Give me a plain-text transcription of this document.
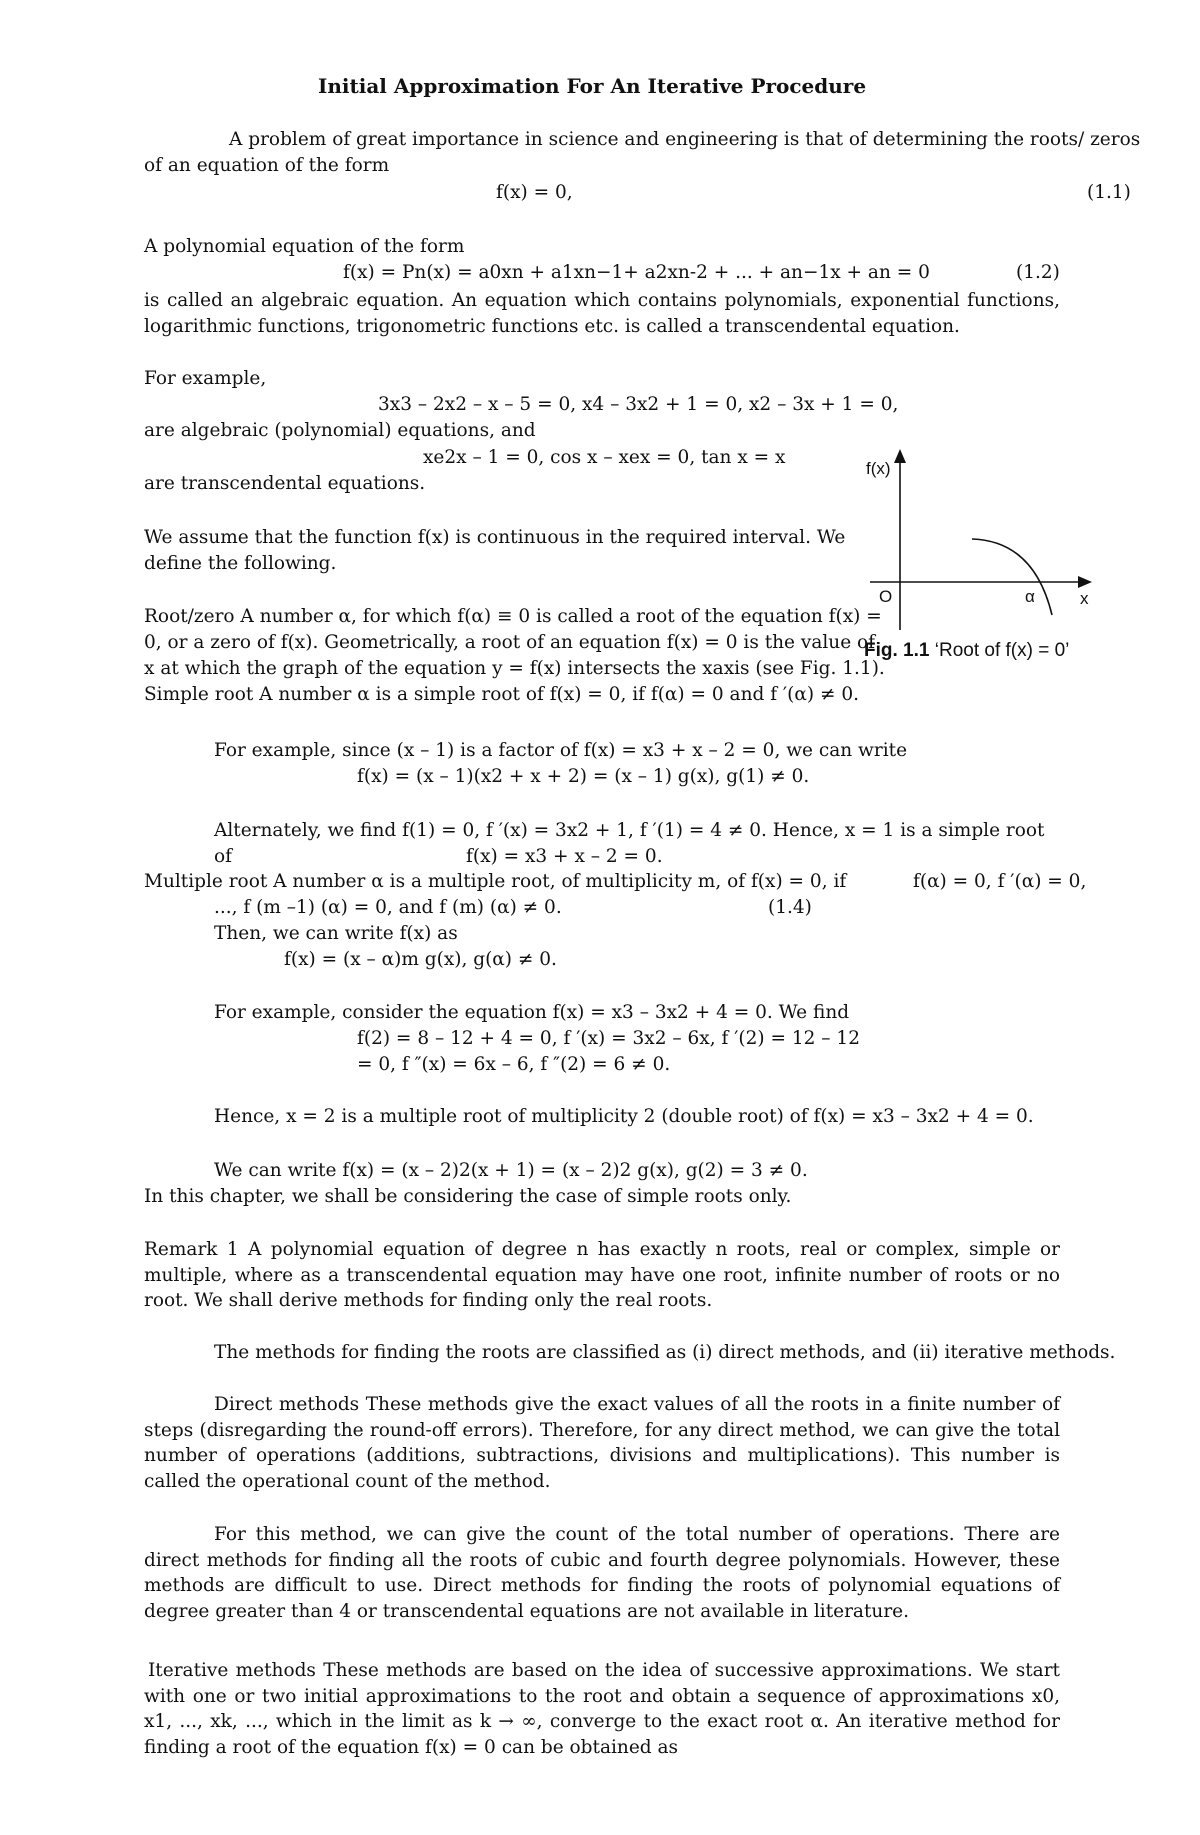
Initial Approximation For An Iterative Procedure
A problem of great importance in science and engineering is that of determining the roots/ zeros
of an equation of the form
f(x) = 0,	(1.1)
A polynomial equation of the form
f(x) = Pn(x) = a0xn + a1xn−1+ a2xn-2 + ... + an−1x + an = 0	(1.2)
is called an algebraic equation. An equation which contains polynomials, exponential functions, logarithmic functions, trigonometric functions etc. is called a transcendental equation.
For example,
3x3 – 2x2 – x – 5 = 0, x4 – 3x2 + 1 = 0, x2 – 3x + 1 = 0,
are algebraic (polynomial) equations, and
xe2x – 1 = 0, cos x – xex = 0, tan x = x
are transcendental equations.
We assume that the function f(x) is continuous in the required interval. We
define the following.
Root/zero A number α, for which f(α) ≡ 0 is called a root of the equation f(x) =
0, or a zero of f(x). Geometrically, a root of an equation f(x) = 0 is the value of
x at which the graph of the equation y = f(x) intersects the xaxis (see Fig. 1.1).
Simple root A number α is a simple root of f(x) = 0, if f(α) = 0 and f ′(α) ≠ 0.
f(x)
O	α	x
Fig. 1.1 ‘Root of f(x) = 0’
For example, since (x – 1) is a factor of f(x) = x3 + x – 2 = 0, we can write
f(x) = (x – 1)(x2 + x + 2) = (x – 1) g(x), g(1) ≠ 0.
Alternately, we find f(1) = 0, f ′(x) = 3x2 + 1, f ′(1) = 4 ≠ 0. Hence, x = 1 is a simple root
of	f(x) = x3 + x – 2 = 0.
Multiple root A number α is a multiple root, of multiplicity m, of f(x) = 0, if	f(α) = 0, f ′(α) = 0,
..., f (m –1) (α) = 0, and f (m) (α) ≠ 0.	(1.4)
Then, we can write f(x) as
f(x) = (x – α)m g(x), g(α) ≠ 0.
For example, consider the equation f(x) = x3 – 3x2 + 4 = 0. We find
f(2) = 8 – 12 + 4 = 0, f ′(x) = 3x2 – 6x, f ′(2) = 12 – 12
= 0, f ″(x) = 6x – 6, f ″(2) = 6 ≠ 0.
Hence, x = 2 is a multiple root of multiplicity 2 (double root) of f(x) = x3 – 3x2 + 4 = 0.
We can write f(x) = (x – 2)2(x + 1) = (x – 2)2 g(x), g(2) = 3 ≠ 0.
In this chapter, we shall be considering the case of simple roots only.
Remark 1 A polynomial equation of degree n has exactly n roots, real or complex, simple or multiple, where as a transcendental equation may have one root, infinite number of roots or no root. We shall derive methods for finding only the real roots.
The methods for finding the roots are classified as (i) direct methods, and (ii) iterative methods.
Direct methods These methods give the exact values of all the roots in a finite number of steps (disregarding the round-off errors). Therefore, for any direct method, we can give the total number of operations (additions, subtractions, divisions and multiplications). This number is called the operational count of the method.
For this method, we can give the count of the total number of operations. There are direct methods for finding all the roots of cubic and fourth degree polynomials. However, these methods are difficult to use. Direct methods for finding the roots of polynomial equations of degree greater than 4 or transcendental equations are not available in literature.
Iterative methods These methods are based on the idea of successive approximations. We start with one or two initial approximations to the root and obtain a sequence of approximations x0, x1, ..., xk, ..., which in the limit as k → ∞, converge to the exact root α. An iterative method for finding a root of the equation f(x) = 0 can be obtained as
